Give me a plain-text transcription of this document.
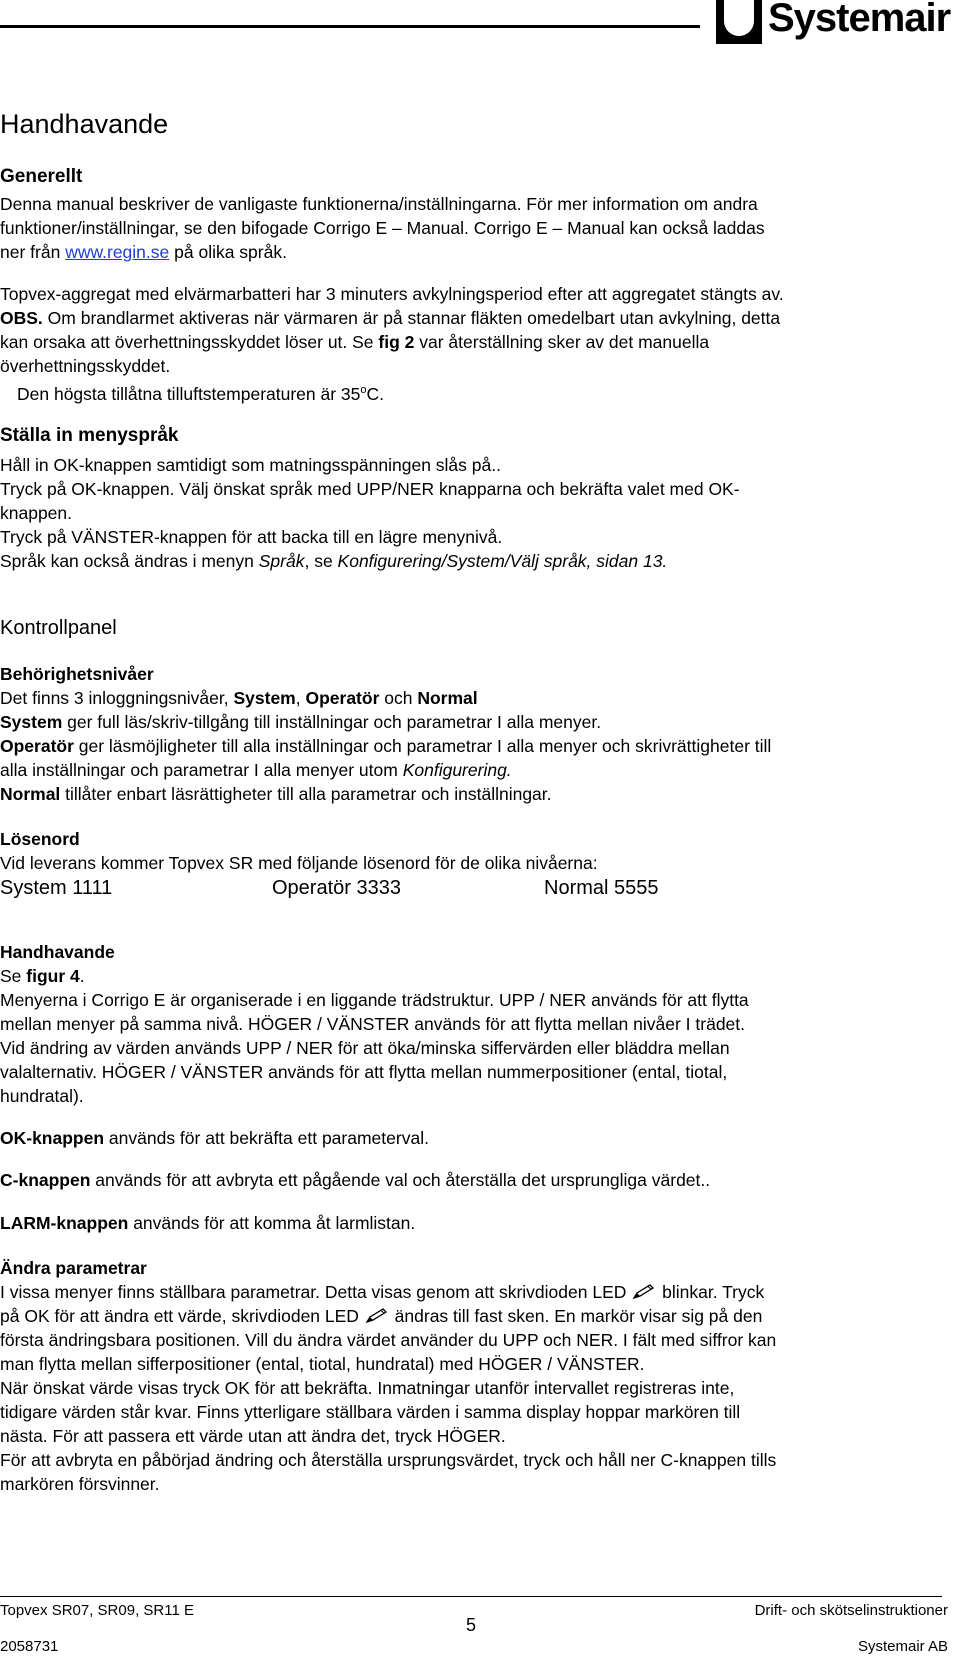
Systemair
Handhavande
Generellt
Denna manual beskriver de vanligaste funktionerna/inställningarna. För mer information om andra
funktioner/inställningar, se den bifogade Corrigo E – Manual. Corrigo E – Manual kan också laddas
ner från www.regin.se på olika språk.
Topvex-aggregat med elvärmarbatteri har 3 minuters avkylningsperiod efter att aggregatet stängts av.
OBS. Om brandlarmet aktiveras när värmaren är på stannar fläkten omedelbart utan avkylning, detta
kan orsaka att överhettningsskyddet löser ut. Se fig 2 var återställning sker av det manuella
överhettningsskyddet.
Den högsta tillåtna tilluftstemperaturen är 35$^o$C.
Ställa in menyspråk
Håll in OK-knappen samtidigt som matningsspänningen slås på..
Tryck på OK-knappen. Välj önskat språk med UPP/NER knapparna och bekräfta valet med OK-
knappen.
Tryck på VÄNSTER-knappen för att backa till en lägre menynivå.
Språk kan också ändras i menyn Språk, se Konfigurering/System/Välj språk, sidan 13.
Kontrollpanel
Behörighetsnivåer
Det finns 3 inloggningsnivåer, System, Operatör och Normal
System ger full läs/skriv-tillgång till inställningar och parametrar I alla menyer.
Operatör ger läsmöjligheter till alla inställningar och parametrar I alla menyer och skrivrättigheter till
alla inställningar och parametrar I alla menyer utom Konfigurering.
Normal tillåter enbart läsrättigheter till alla parametrar och inställningar.
Lösenord
Vid leverans kommer Topvex SR med följande lösenord för de olika nivåerna:
System 1111	Operatör 3333	Normal 5555
Handhavande
Se figur 4.
Menyerna i Corrigo E är organiserade i en liggande trädstruktur. UPP / NER används för att flytta
mellan menyer på samma nivå. HÖGER / VÄNSTER används för att flytta mellan nivåer I trädet.
Vid ändring av värden används UPP / NER för att öka/minska siffervärden eller bläddra mellan
valalternativ. HÖGER / VÄNSTER används för att flytta mellan nummerpositioner (ental, tiotal,
hundratal).
OK-knappen används för att bekräfta ett parameterval.
C-knappen används för att avbryta ett pågående val och återställa det ursprungliga värdet..
LARM-knappen används för att komma åt larmlistan.
Ändra parametrar
I vissa menyer finns ställbara parametrar. Detta visas genom att skrivdioden LED  blinkar. Tryck
på OK för att ändra ett värde, skrivdioden LED  ändras till fast sken. En markör visar sig på den
första ändringsbara positionen. Vill du ändra värdet använder du UPP och NER. I fält med siffror kan
man flytta mellan sifferpositioner (ental, tiotal, hundratal) med HÖGER / VÄNSTER.
När önskat värde visas tryck OK för att bekräfta. Inmatningar utanför intervallet registreras inte,
tidigare värden står kvar. Finns ytterligare ställbara värden i samma display hoppar markören till
nästa. För att passera ett värde utan att ändra det, tryck HÖGER.
För att avbryta en påbörjad ändring och återställa ursprungsvärdet, tryck och håll ner C-knappen tills
markören försvinner.
Topvex SR07, SR09, SR11 E
5
Drift- och skötselinstruktioner
2058731	Systemair AB
